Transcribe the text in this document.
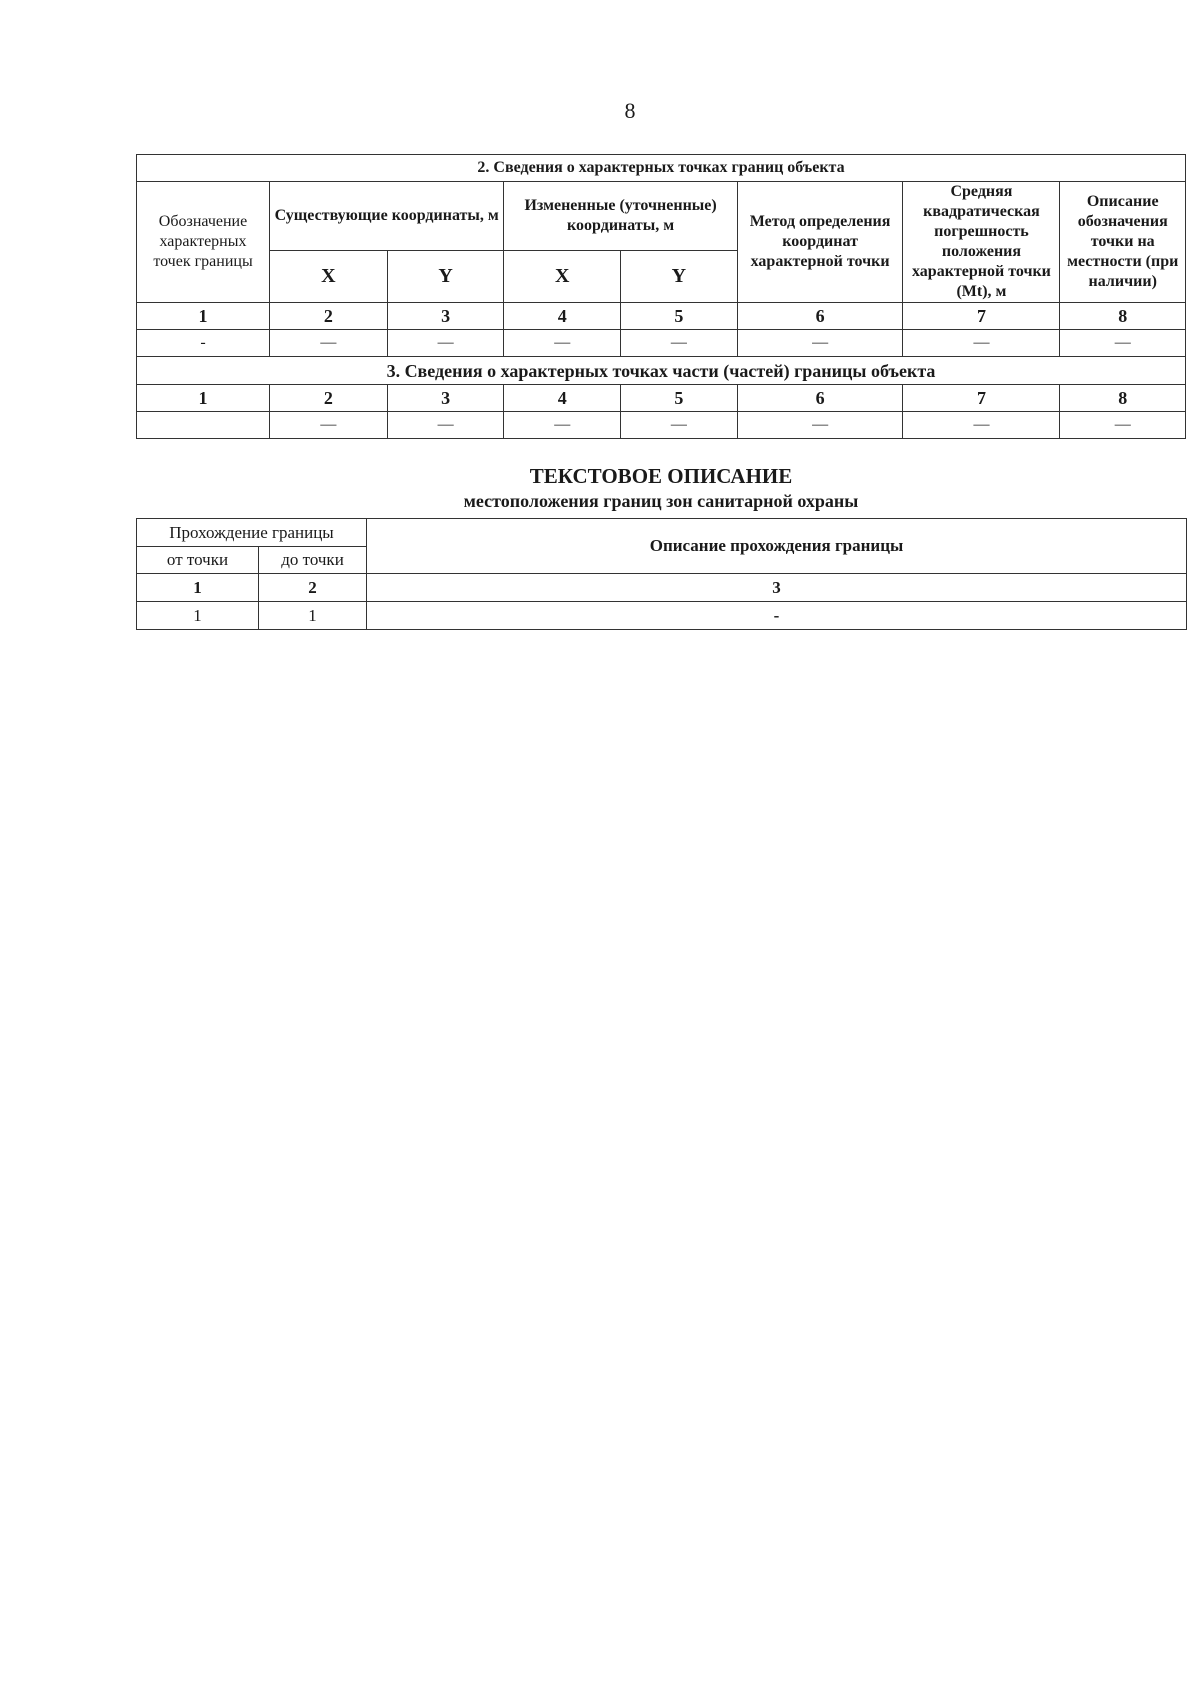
8
2. Сведения о характерных точках границ объекта							
Обозначение характерных точек границы	Существующие координаты, м		Измененные (уточненные) координаты, м		Метод определения координат характерной точки	Средняя квадратическая погрешность положения характерной точки (Mt), м	Описание обозначения точки на местности (при наличии)
	X	Y	X	Y			
1	2	3	4	5	6	7	8
-	—	—	—	—	—	—	—
3. Сведения о характерных точках части (частей) границы объекта							
1	2	3	4	5	6	7	8
	—	—	—	—	—	—	—
ТЕКСТОВОЕ ОПИСАНИЕ
местоположения границ зон санитарной охраны
Прохождение границы		Описание прохождения границы
от точки	до точки	
1	2	3
1	1	-
